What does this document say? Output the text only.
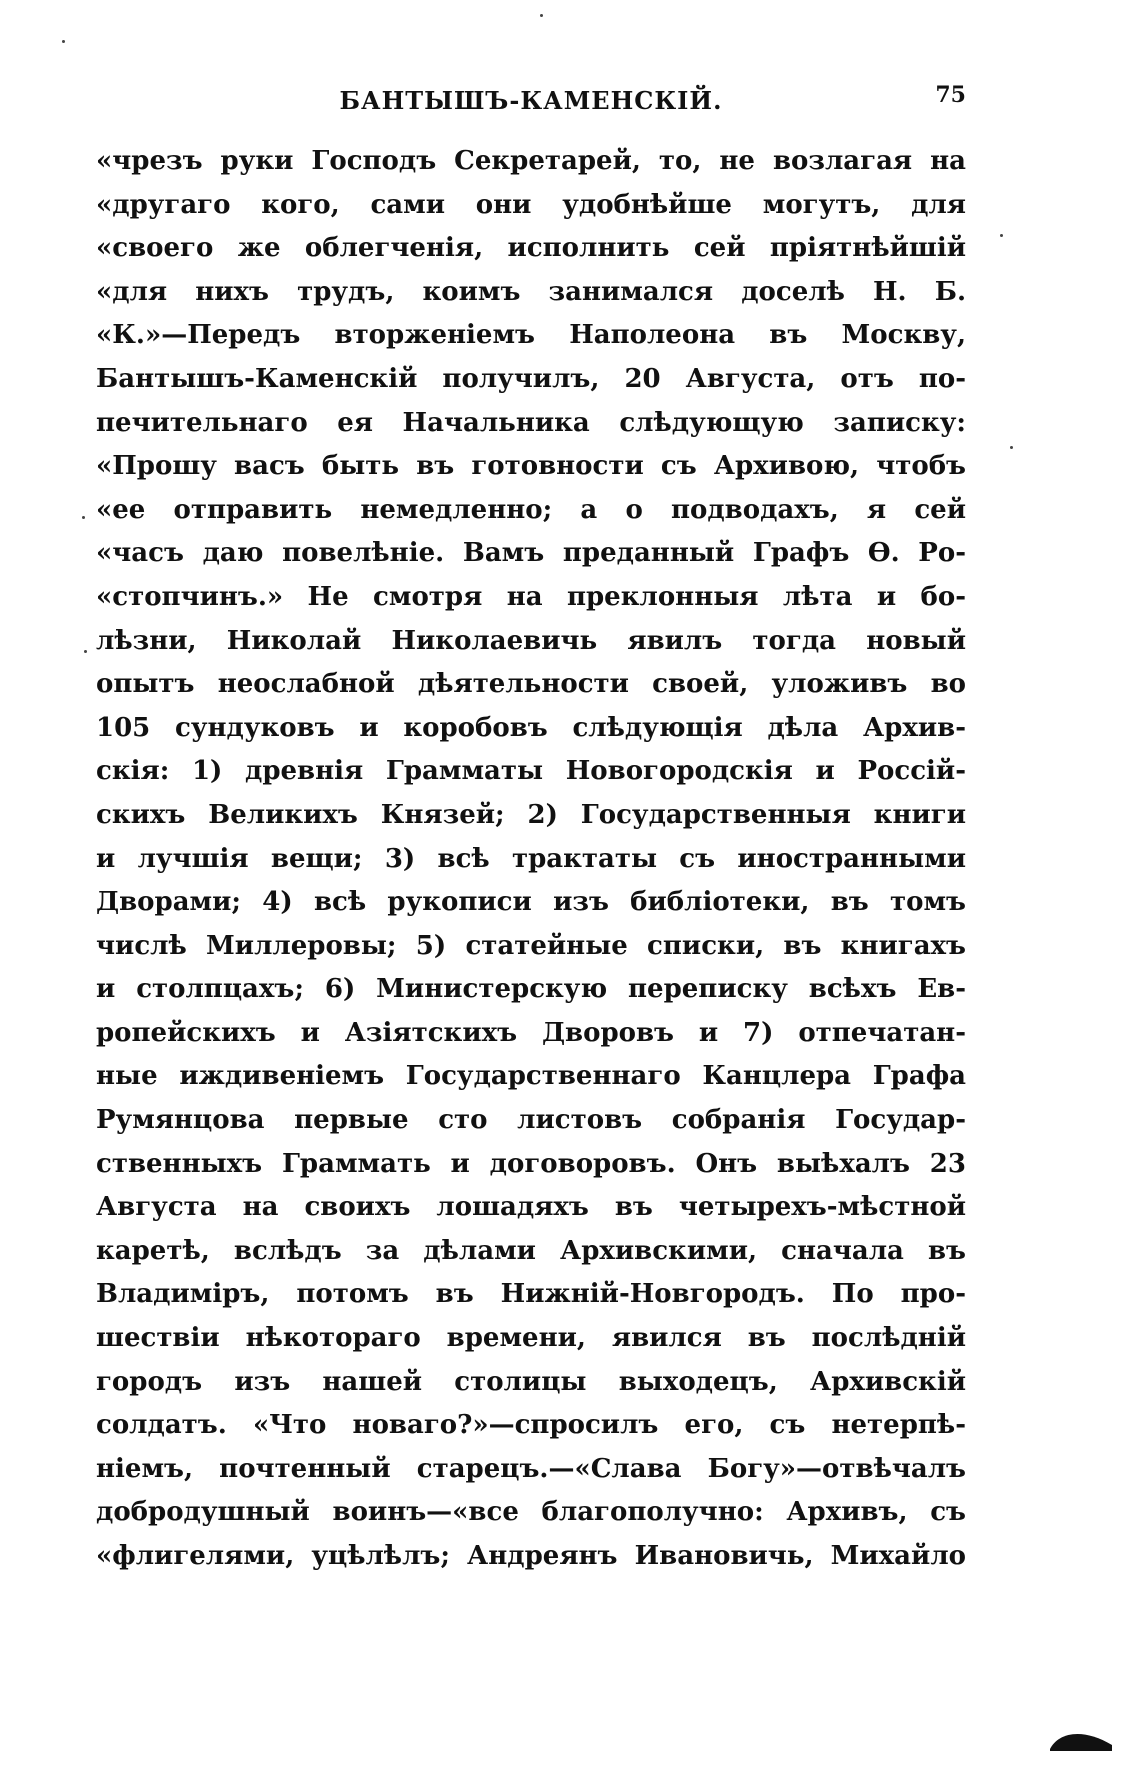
БАНТЫШЪ-КАМЕНСКІЙ.	75
«чрезъ руки Господъ Секретарей, то, не возлагая на
«другаго кого, сами они удобнѣйше могутъ, для
«своего же облегченія, исполнить сей пріятнѣйшій
«для нихъ трудъ, коимъ занимался доселѣ Н. Б.
«К.»—Передъ вторженіемъ Наполеона въ Москву,
Бантышъ-Каменскій получилъ, 20 Августа, отъ по-
печительнаго ея Начальника слѣдующую записку:
«Прошу васъ быть въ готовности съ Архивою, чтобъ
«ее отправить немедленно; а о подводахъ, я сей
«часъ даю повелѣніе. Вамъ преданный Графъ Ѳ. Ро-
«стопчинъ.» Не смотря на преклонныя лѣта и бо-
лѣзни, Николай Николаевичь явилъ тогда новый
опытъ неослабной дѣятельности своей, уложивъ во
105 сундуковъ и коробовъ слѣдующія дѣла Архив-
скія: 1) древнія Грамматы Новогородскія и Россій-
скихъ Великихъ Князей; 2) Государственныя книги
и лучшія вещи; 3) всѣ трактаты съ иностранными
Дворами; 4) всѣ рукописи изъ библіотеки, въ томъ
числѣ Миллеровы; 5) статейные списки, въ книгахъ
и столпцахъ; 6) Министерскую переписку всѣхъ Ев-
ропейскихъ и Азіятскихъ Дворовъ и 7) отпечатан-
ные иждивеніемъ Государственнаго Канцлера Графа
Румянцова первые сто листовъ собранія Государ-
ственныхъ Граммать и договоровъ. Онъ выѣхалъ 23
Августа на своихъ лошадяхъ въ четырехъ-мѣстной
каретѣ, вслѣдъ за дѣлами Архивскими, сначала въ
Владиміръ, потомъ въ Нижній-Новгородъ. По про-
шествіи нѣкотораго времени, явился въ послѣдній
городъ изъ нашей столицы выходецъ, Архивскій
солдатъ. «Что новаго?»—спросилъ его, съ нетерпѣ-
ніемъ, почтенный старецъ.—«Слава Богу»—отвѣчалъ
добродушный воинъ—«все благополучно: Архивъ, съ
«флигелями, уцѣлѣлъ; Андреянъ Ивановичь, Михайло
